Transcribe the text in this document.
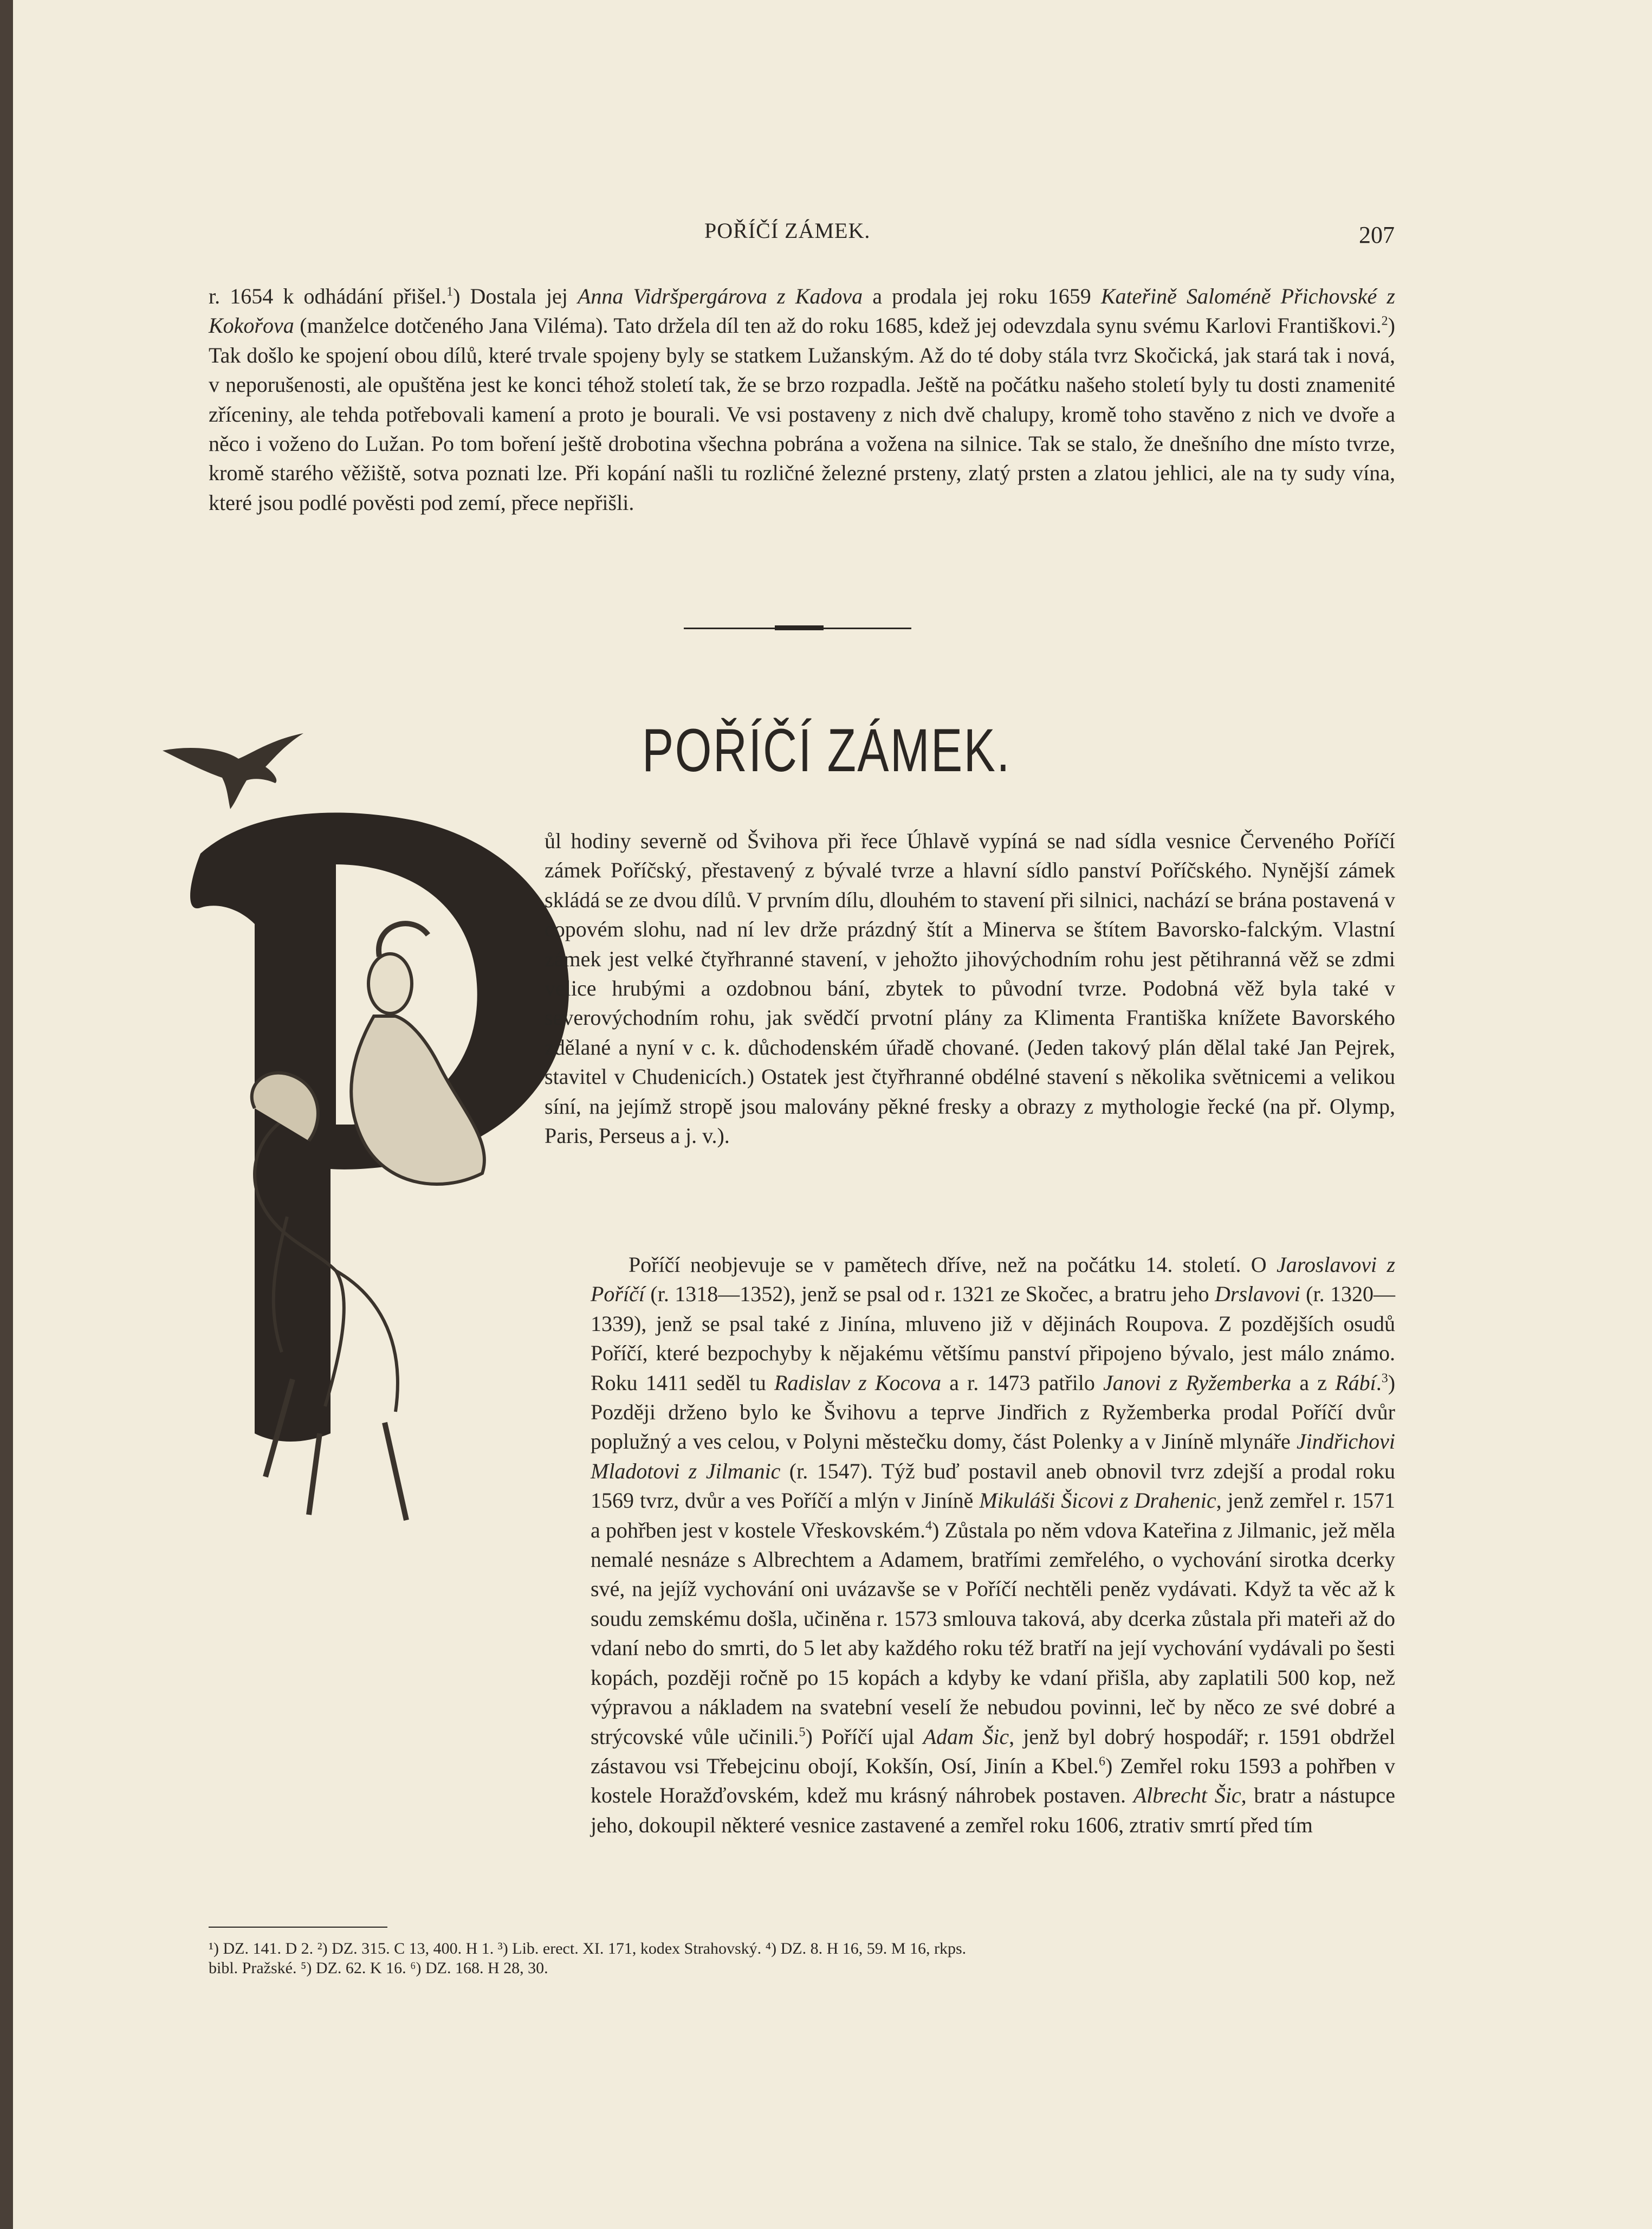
POŘÍČÍ ZÁMEK.	207

r. 1654 k odhádání přišel.$^1$) Dostala jej Anna Vidršpergárova z Kadova a prodala jej roku 1659 Kateřině Saloméně Přichovské z Kokořova (manželce dotčeného Jana Viléma). Tato držela díl ten až do roku 1685, kdež jej odevzdala synu svému Karlovi Františkovi.$^2$) Tak došlo ke spojení obou dílů, které trvale spojeny byly se statkem Lužanským. Až do té doby stála tvrz Skočická, jak stará tak i nová, v neporušenosti, ale opuštěna jest ke konci téhož století tak, že se brzo rozpadla. Ještě na počátku našeho století byly tu dosti znamenité zříceniny, ale tehda potřebovali kamení a proto je bourali. Ve vsi postaveny z nich dvě chalupy, kromě toho stavěno z nich ve dvoře a něco i voženo do Lužan. Po tom boření ještě drobotina všechna pobrána a vožena na silnice. Tak se stalo, že dnešního dne místo tvrze, kromě starého věžiště, sotva poznati lze. Při kopání našli tu rozličné železné prsteny, zlatý prsten a zlatou jehlici, ale na ty sudy vína, které jsou podlé pověsti pod zemí, přece nepřišli.

POŘÍČÍ ZÁMEK.

ůl hodiny severně od Švihova při řece Úhlavě vypíná se nad sídla vesnice Červeného Poříčí zámek Poříčský, přestavený z bývalé tvrze a hlavní sídlo panství Poříčského. Nynější zámek skládá se ze dvou dílů. V prvním dílu, dlouhém to stavení při silnici, nachází se brána postavená v copovém slohu, nad ní lev drže prázdný štít a Minerva se štítem Bavorsko-falckým. Vlastní zámek jest velké čtyřhranné stavení, v jehožto jihovýchodním rohu jest pětihranná věž se zdmi velice hrubými a ozdobnou bání, zbytek to původní tvrze. Podobná věž byla také v severovýchodním rohu, jak svědčí prvotní plány za Klimenta Františka knížete Bavorského zdělané a nyní v c. k. důchodenském úřadě chované. (Jeden takový plán dělal také Jan Pejrek, stavitel v Chudenicích.) Ostatek jest čtyřhranné obdélné stavení s několika světnicemi a velikou síní, na jejímž stropě jsou malovány pěkné fresky a obrazy z mythologie řecké (na př. Olymp, Paris, Perseus a j. v.).

Poříčí neobjevuje se v pamětech dříve, než na počátku 14. století. O Jaroslavovi z Poříčí (r. 1318—1352), jenž se psal od r. 1321 ze Skočec, a bratru jeho Drslavovi (r. 1320—1339), jenž se psal také z Jinína, mluveno již v dějinách Roupova. Z pozdějších osudů Poříčí, které bezpochyby k nějakému většímu panství připojeno bývalo, jest málo známo. Roku 1411 seděl tu Radislav z Kocova a r. 1473 patřilo Janovi z Ryžemberka a z Rábí.$^3$) Později drženo bylo ke Švihovu a teprve Jindřich z Ryžemberka prodal Poříčí dvůr poplužný a ves celou, v Polyni městečku domy, část Polenky a v Jiníně mlynáře Jindřichovi Mladotovi z Jilmanic (r. 1547). Týž buď postavil aneb obnovil tvrz zdejší a prodal roku 1569 tvrz, dvůr a ves Poříčí a mlýn v Jiníně Mikuláši Šicovi z Drahenic, jenž zemřel r. 1571 a pohřben jest v kostele Vřeskovském.$^4$) Zůstala po něm vdova Kateřina z Jilmanic, jež měla nemalé nesnáze s Albrechtem a Adamem, bratřími zemřelého, o vychování sirotka dcerky své, na jejíž vychování oni uvázavše se v Poříčí nechtěli peněz vydávati. Když ta věc až k soudu zemskému došla, učiněna r. 1573 smlouva taková, aby dcerka zůstala při mateři až do vdaní nebo do smrti, do 5 let aby každého roku též bratří na její vychování vydávali po šesti kopách, později ročně po 15 kopách a kdyby ke vdaní přišla, aby zaplatili 500 kop, než výpravou a nákladem na svatební veselí že nebudou povinni, leč by něco ze své dobré a strýcovské vůle učinili.$^5$) Poříčí ujal Adam Šic, jenž byl dobrý hospodář; r. 1591 obdržel zástavou vsi Třebejcinu obojí, Kokšín, Osí, Jinín a Kbel.$^6$) Zemřel roku 1593 a pohřben v kostele Horažďovském, kdež mu krásný náhrobek postaven. Albrecht Šic, bratr a nástupce jeho, dokoupil některé vesnice zastavené a zemřel roku 1606, ztrativ smrtí před tím

¹) DZ. 141. D 2. ²) DZ. 315. C 13, 400. H 1. ³) Lib. erect. XI. 171, kodex Strahovský. ⁴) DZ. 8. H 16, 59. M 16, rkps.

bibl. Pražské. ⁵) DZ. 62. K 16. ⁶) DZ. 168. H 28, 30.
